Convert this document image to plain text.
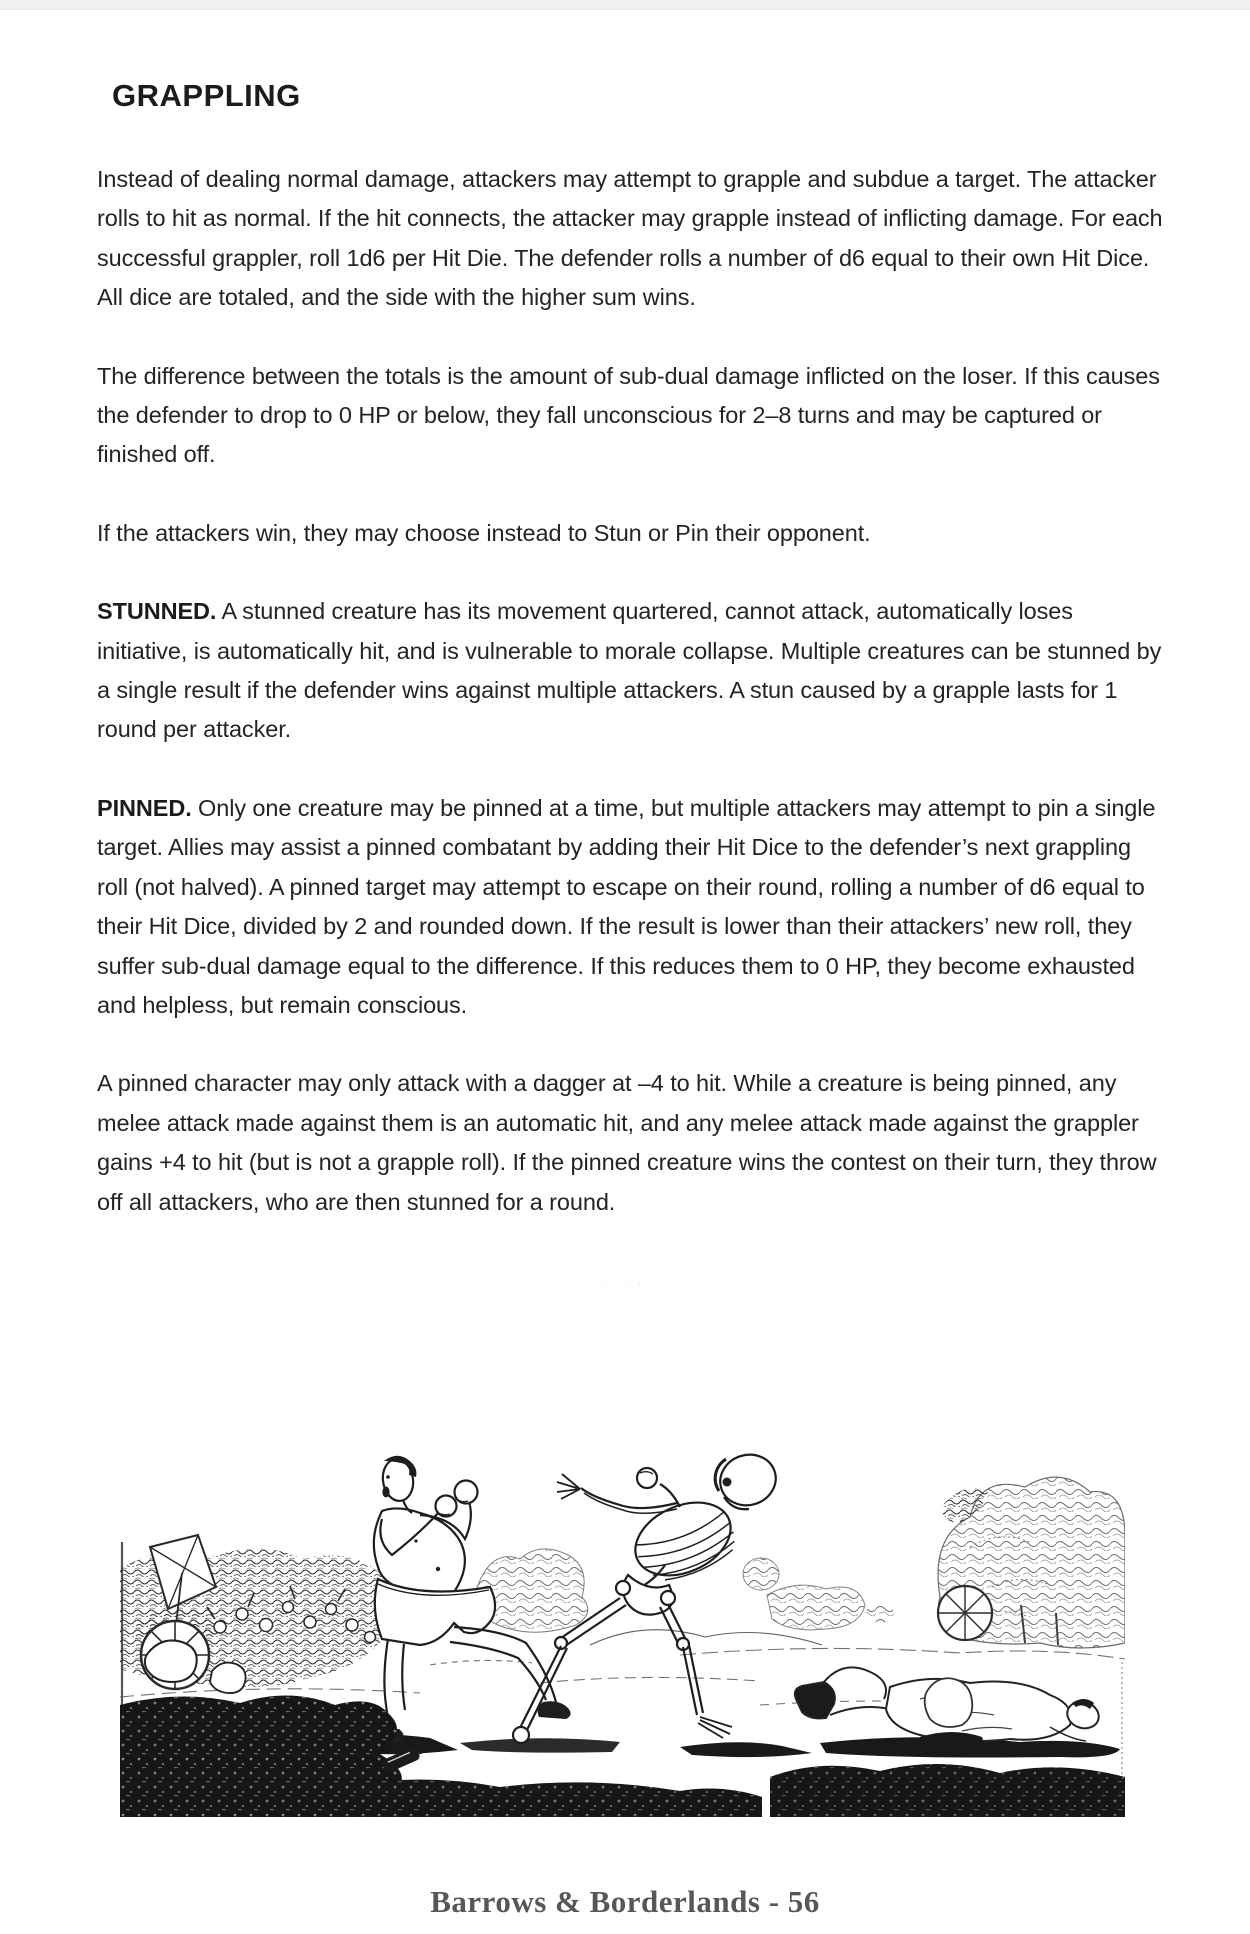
GRAPPLING

Instead of dealing normal damage, attackers may attempt to grapple and subdue a target. The attacker rolls to hit as normal. If the hit connects, the attacker may grapple instead of inflicting damage. For each successful grappler, roll 1d6 per Hit Die. The defender rolls a number of d6 equal to their own Hit Dice. All dice are totaled, and the side with the higher sum wins.

The difference between the totals is the amount of sub-dual damage inflicted on the loser. If this causes the defender to drop to 0 HP or below, they fall unconscious for 2–8 turns and may be captured or finished off.

If the attackers win, they may choose instead to Stun or Pin their opponent.

STUNNED. A stunned creature has its movement quartered, cannot attack, automatically loses initiative, is automatically hit, and is vulnerable to morale collapse. Multiple creatures can be stunned by a single result if the defender wins against multiple attackers. A stun caused by a grapple lasts for 1 round per attacker.

PINNED. Only one creature may be pinned at a time, but multiple attackers may attempt to pin a single target. Allies may assist a pinned combatant by adding their Hit Dice to the defender’s next grappling roll (not halved). A pinned target may attempt to escape on their round, rolling a number of d6 equal to their Hit Dice, divided by 2 and rounded down. If the result is lower than their attackers’ new roll, they suffer sub-dual damage equal to the difference. If this reduces them to 0 HP, they become exhausted and helpless, but remain conscious.

A pinned character may only attack with a dagger at –4 to hit. While a creature is being pinned, any melee attack made against them is an automatic hit, and any melee attack made against the grappler gains +4 to hit (but is not a grapple roll). If the pinned creature wins the contest on their turn, they throw off all attackers, who are then stunned for a round.

· ··
Barrows & Borderlands - 56
